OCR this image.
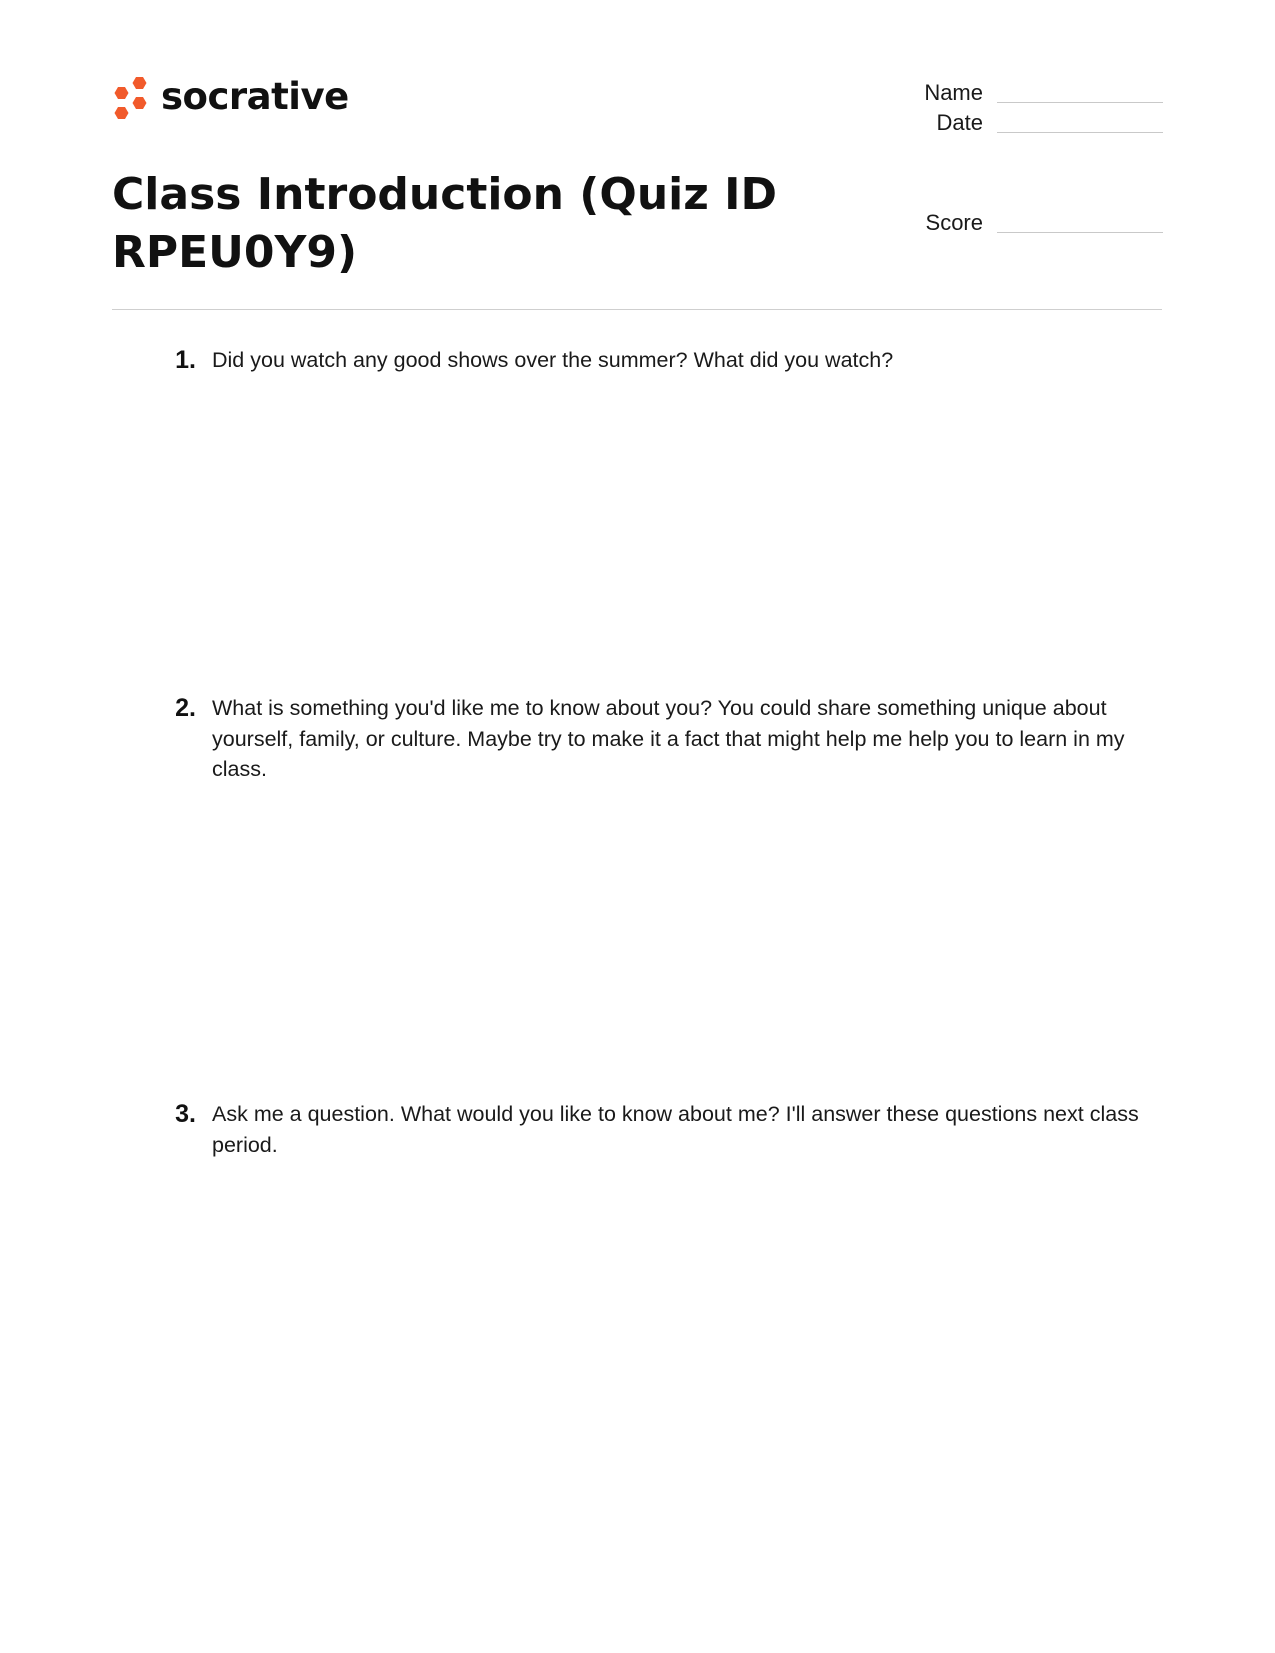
socrative	Name
Date
Score
Class Introduction (Quiz ID RPEU0Y9)
1. Did you watch any good shows over the summer? What did you watch?

2. What is something you'd like me to know about you? You could share something unique about yourself, family, or culture. Maybe try to make it a fact that might help me help you to learn in my class.

3. Ask me a question. What would you like to know about me? I'll answer these questions next class period.
